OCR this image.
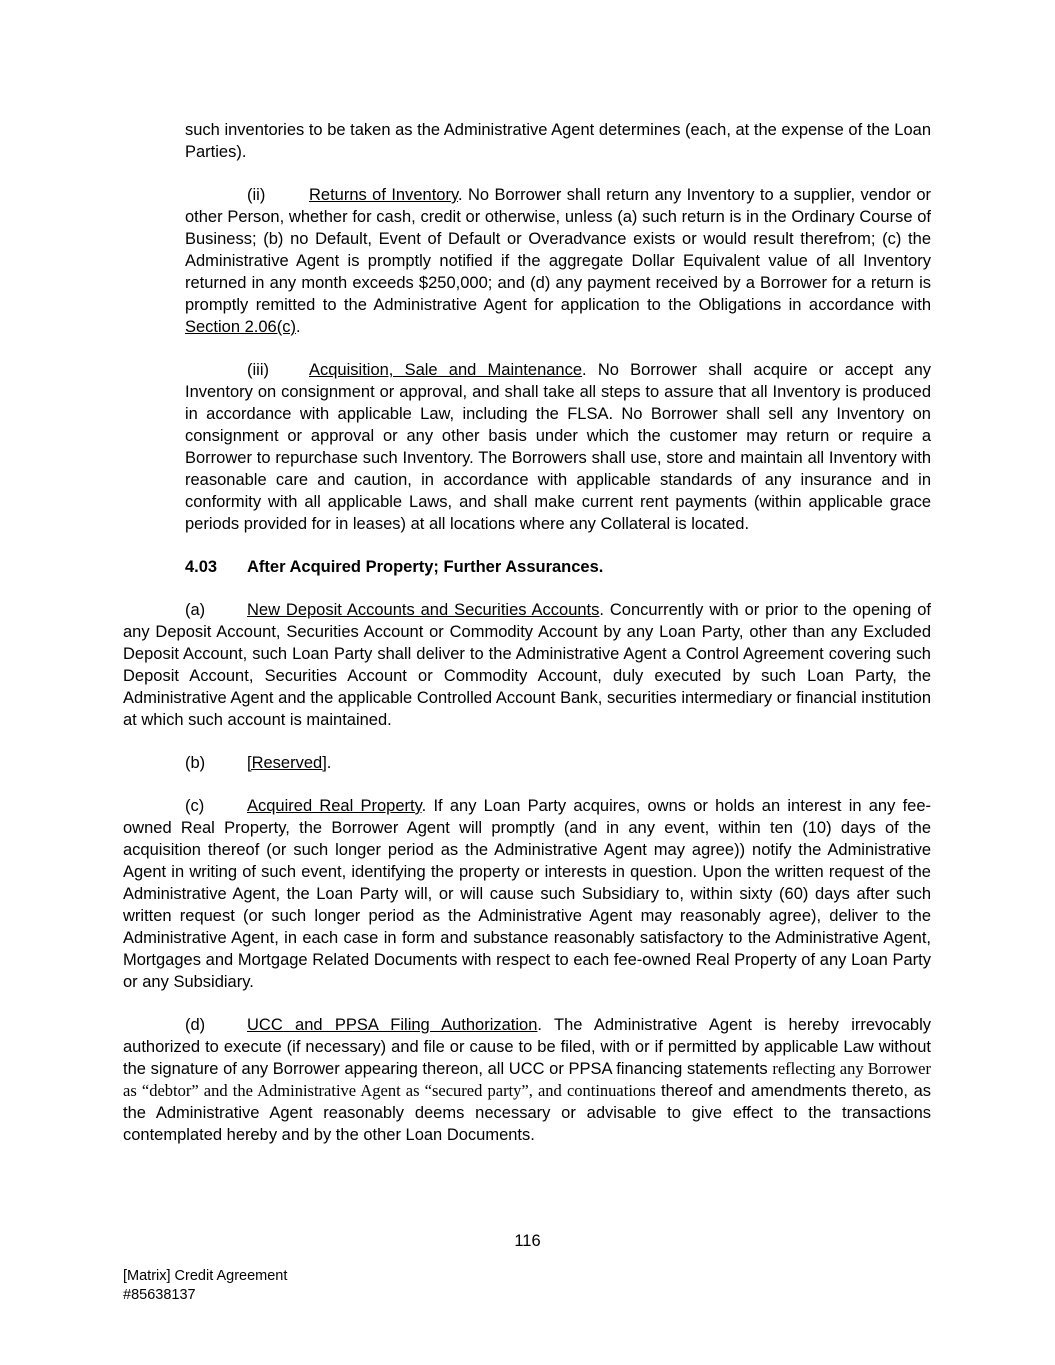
such inventories to be taken as the Administrative Agent determines (each, at the expense of the Loan Parties).

(ii)	Returns of Inventory. No Borrower shall return any Inventory to a supplier, vendor or other Person, whether for cash, credit or otherwise, unless (a) such return is in the Ordinary Course of Business; (b) no Default, Event of Default or Overadvance exists or would result therefrom; (c) the Administrative Agent is promptly notified if the aggregate Dollar Equivalent value of all Inventory returned in any month exceeds $250,000; and (d) any payment received by a Borrower for a return is promptly remitted to the Administrative Agent for application to the Obligations in accordance with Section 2.06(c).

(iii) Acquisition, Sale and Maintenance. No Borrower shall acquire or accept any Inventory on consignment or approval, and shall take all steps to assure that all Inventory is produced in accordance with applicable Law, including the FLSA. No Borrower shall sell any Inventory on consignment or approval or any other basis under which the customer may return or require a Borrower to repurchase such Inventory. The Borrowers shall use, store and maintain all Inventory with reasonable care and caution, in accordance with applicable standards of any insurance and in conformity with all applicable Laws, and shall make current rent payments (within applicable grace periods provided for in leases) at all locations where any Collateral is located.

4.03 After Acquired Property; Further Assurances.

(a)	New Deposit Accounts and Securities Accounts. Concurrently with or prior to the opening of any Deposit Account, Securities Account or Commodity Account by any Loan Party, other than any Excluded Deposit Account, such Loan Party shall deliver to the Administrative Agent a Control Agreement covering such Deposit Account, Securities Account or Commodity Account, duly executed by such Loan Party, the Administrative Agent and the applicable Controlled Account Bank, securities intermediary or financial institution at which such account is maintained.

(b)	[Reserved].

(c)	Acquired Real Property. If any Loan Party acquires, owns or holds an interest in any fee-owned Real Property, the Borrower Agent will promptly (and in any event, within ten (10) days of the acquisition thereof (or such longer period as the Administrative Agent may agree)) notify the Administrative Agent in writing of such event, identifying the property or interests in question. Upon the written request of the Administrative Agent, the Loan Party will, or will cause such Subsidiary to, within sixty (60) days after such written request (or such longer period as the Administrative Agent may reasonably agree), deliver to the Administrative Agent, in each case in form and substance reasonably satisfactory to the Administrative Agent, Mortgages and Mortgage Related Documents with respect to each fee-owned Real Property of any Loan Party or any Subsidiary.

(d)	UCC and PPSA Filing Authorization. The Administrative Agent is hereby irrevocably authorized to execute (if necessary) and file or cause to be filed, with or if permitted by applicable Law without the signature of any Borrower appearing thereon, all UCC or PPSA financing statements reflecting any Borrower as “debtor” and the Administrative Agent as “secured party”, and continuations thereof and amendments thereto, as the Administrative Agent reasonably deems necessary or advisable to give effect to the transactions contemplated hereby and by the other Loan Documents.

116
[Matrix] Credit Agreement
#85638137
